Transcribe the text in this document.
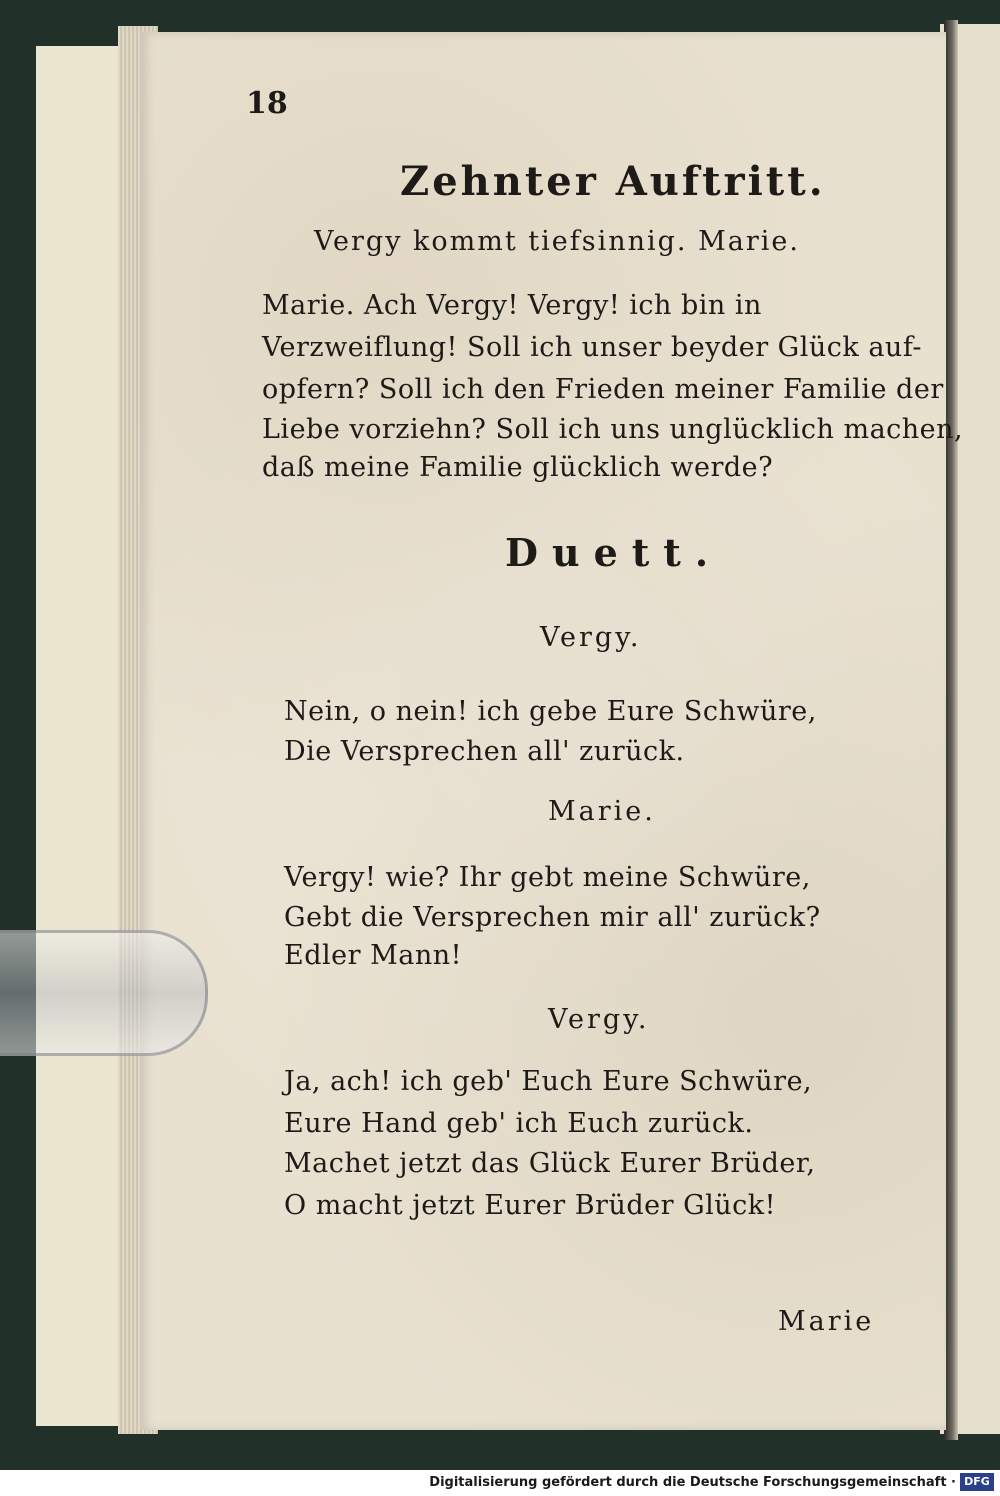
18
Zehnter Auftritt.
Vergy kommt tiefsinnig. Marie.
Marie. Ach Vergy! Vergy! ich bin in
Verzweiflung! Soll ich unser beyder Glück auf-
opfern? Soll ich den Frieden meiner Familie der
Liebe vorziehn? Soll ich uns unglücklich machen,
daß meine Familie glücklich werde?
Duett.
Vergy.
Nein, o nein! ich gebe Eure Schwüre,
Die Versprechen all' zurück.
Marie.
Vergy! wie? Ihr gebt meine Schwüre,
Gebt die Versprechen mir all' zurück?
Edler Mann!
Vergy.
Ja, ach! ich geb' Euch Eure Schwüre,
Eure Hand geb' ich Euch zurück.
Machet jetzt das Glück Eurer Brüder,
O macht jetzt Eurer Brüder Glück!
Marie
Digitalisierung gefördert durch die Deutsche Forschungsgemeinschaft · DFG
